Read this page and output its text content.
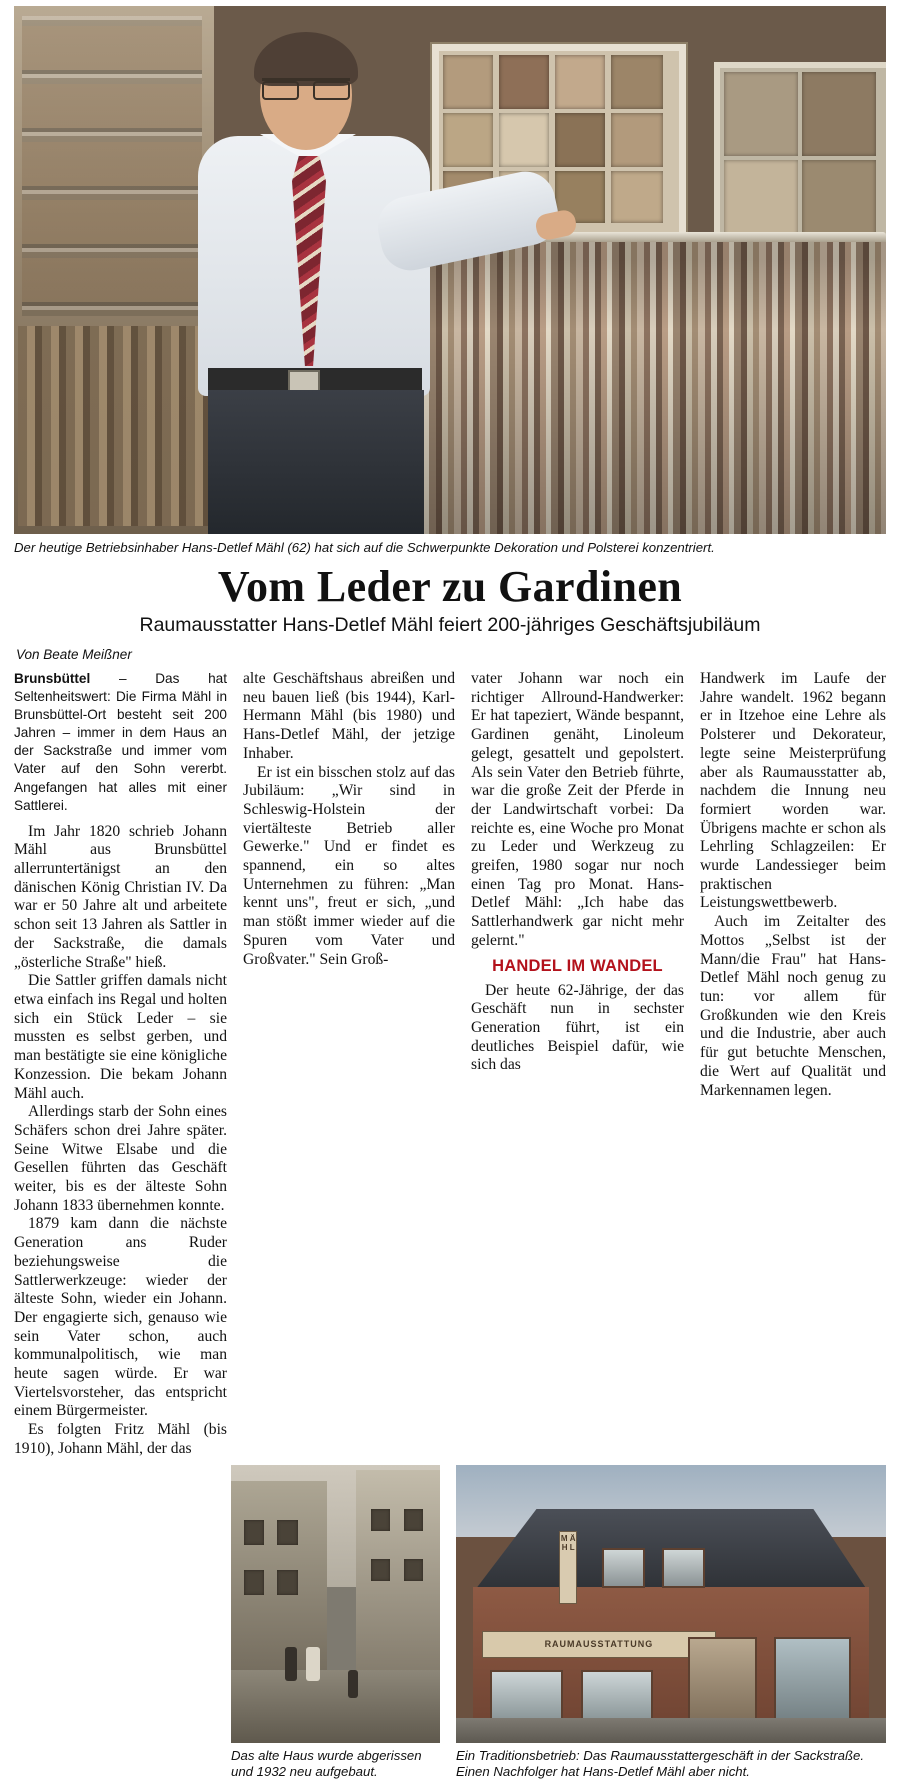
Der heutige Betriebsinhaber Hans-Detlef Mähl (62) hat sich auf die Schwerpunkte Dekoration und Polsterei konzentriert.
Vom Leder zu Gardinen
Raumausstatter Hans-Detlef Mähl feiert 200-jähriges Geschäftsjubiläum
Von Beate Meißner
Brunsbüttel – Das hat Seltenheitswert: Die Firma Mähl in Brunsbüttel-Ort besteht seit 200 Jahren – immer in dem Haus an der Sackstraße und immer vom Vater auf den Sohn vererbt. Angefangen hat alles mit einer Sattlerei.

Im Jahr 1820 schrieb Johann Mähl aus Brunsbüttel allerruntertänigst an den dänischen König Christian IV. Da war er 50 Jahre alt und arbeitete schon seit 13 Jahren als Sattler in der Sackstraße, die damals „österliche Straße" hieß.

Die Sattler griffen damals nicht etwa einfach ins Regal und holten sich ein Stück Leder – sie mussten es selbst gerben, und man bestätigte sie eine königliche Konzession. Die bekam Johann Mähl auch.

Allerdings starb der Sohn eines Schäfers schon drei Jahre später. Seine Witwe Elsabe und die Gesellen führten das Geschäft weiter, bis es der älteste Sohn Johann 1833 übernehmen konnte.

1879 kam dann die nächste Generation ans Ruder beziehungsweise die Sattlerwerkzeuge: wieder der älteste Sohn, wieder ein Johann. Der engagierte sich, genauso wie sein Vater schon, auch kommunalpolitisch, wie man heute sagen würde. Er war Viertelsvorsteher, das entspricht einem Bürgermeister.

Es folgten Fritz Mähl (bis 1910), Johann Mähl, der das

alte Geschäftshaus abreißen und neu bauen ließ (bis 1944), Karl-Hermann Mähl (bis 1980) und Hans-Detlef Mähl, der jetzige Inhaber.

Er ist ein bisschen stolz auf das Jubiläum: „Wir sind in Schleswig-Holstein der viertälteste Betrieb aller Gewerke." Und er findet es spannend, ein so altes Unternehmen zu führen: „Man kennt uns", freut er sich, „und man stößt immer wieder auf die Spuren vom Vater und Großvater." Sein Groß-

vater Johann war noch ein richtiger Allround-Handwerker: Er hat tapeziert, Wände bespannt, Gardinen genäht, Linoleum gelegt, gesattelt und gepolstert. Als sein Vater den Betrieb führte, war die große Zeit der Pferde in der Landwirtschaft vorbei: Da reichte es, eine Woche pro Monat zu Leder und Werkzeug zu greifen, 1980 sogar nur noch einen Tag pro Monat. Hans-Detlef Mähl: „Ich habe das Sattlerhandwerk gar nicht mehr gelernt."

HANDEL IM WANDEL

Der heute 62-Jährige, der das Geschäft nun in sechster Generation führt, ist ein deutliches Beispiel dafür, wie sich das

Handwerk im Laufe der Jahre wandelt. 1962 begann er in Itzehoe eine Lehre als Polsterer und Dekorateur, legte seine Meisterprüfung aber als Raumausstatter ab, nachdem die Innung neu formiert worden war. Übrigens machte er schon als Lehrling Schlagzeilen: Er wurde Landessieger beim praktischen Leistungswettbewerb.

Auch im Zeitalter des Mottos „Selbst ist der Mann/die Frau" hat Hans-Detlef Mähl noch genug zu tun: vor allem für Großkunden wie den Kreis und die Industrie, aber auch für gut betuchte Menschen, die Wert auf Qualität und Markennamen legen.

Das alte Haus wurde abgerissen und 1932 neu aufgebaut.
M Ä H L
RAUMAUSSTATTUNG
Ein Traditionsbetrieb: Das Raumausstattergeschäft in der Sackstraße. Einen Nachfolger hat Hans-Detlef Mähl aber nicht.
